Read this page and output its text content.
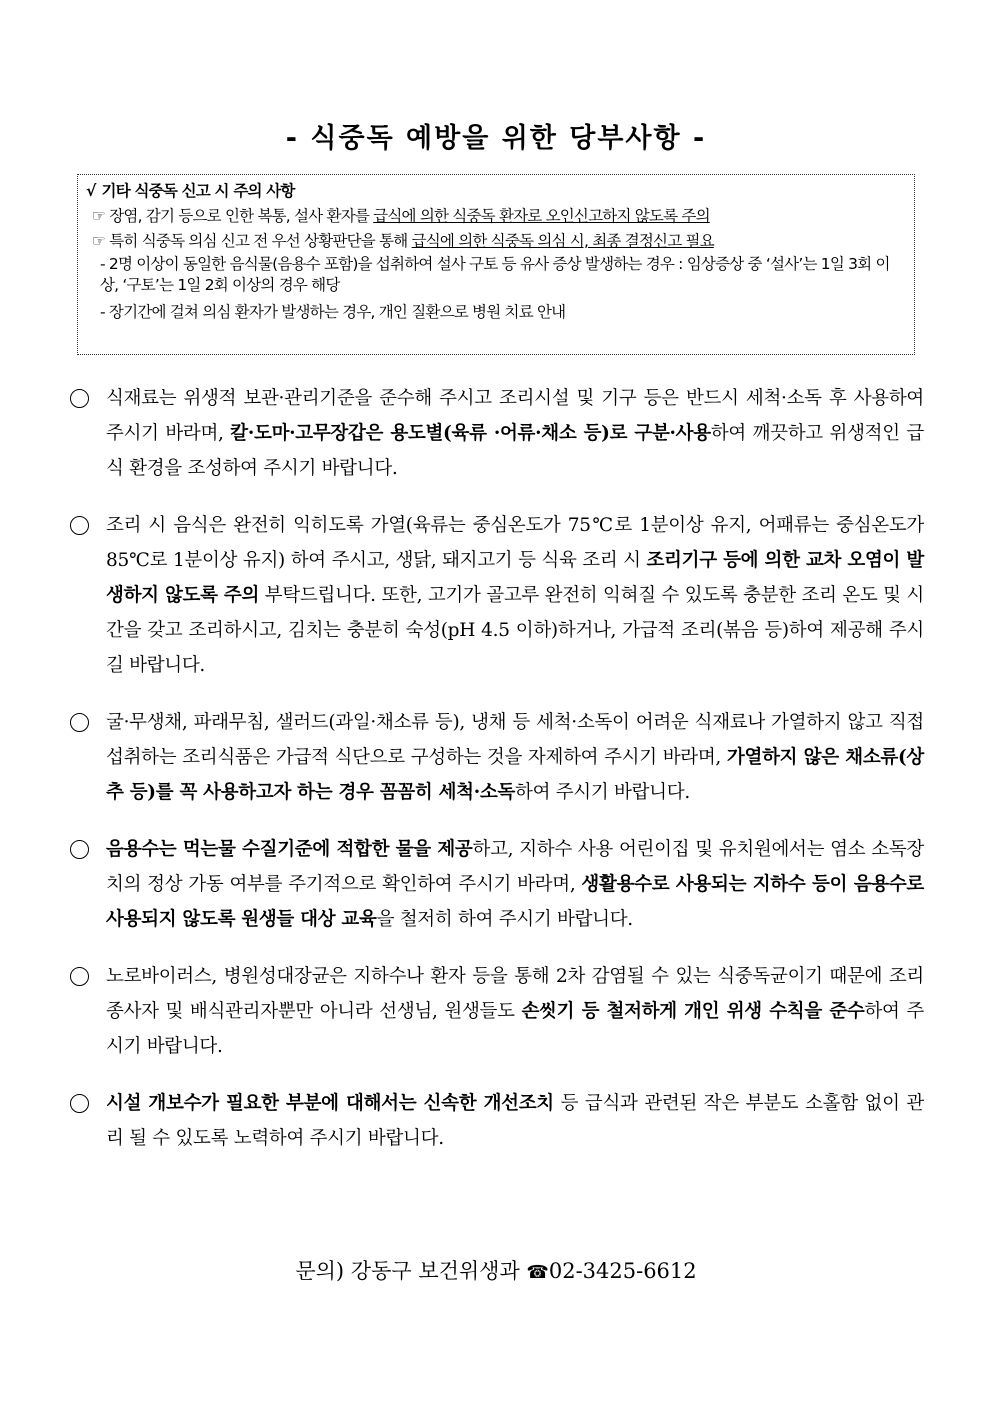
- 식중독 예방을 위한 당부사항 -
√ 기타 식중독 신고 시 주의 사항
☞ 장염, 감기 등으로 인한 복통, 설사 환자를 급식에 의한 식중독 환자로 오인신고하지 않도록 주의
☞ 특히 식중독 의심 신고 전 우선 상황판단을 통해 급식에 의한 식중독 의심 시, 최종 결정신고 필요
- 2명 이상이 동일한 음식물(음용수 포함)을 섭취하여 설사 구토 등 유사 증상 발생하는 경우 : 임상증상 중 ‘설사’는 1일 3회 이상, ‘구토’는 1일 2회 이상의 경우 해당
- 장기간에 걸쳐 의심 환자가 발생하는 경우, 개인 질환으로 병원 치료 안내
식재료는 위생적 보관·관리기준을 준수해 주시고 조리시설 및 기구 등은 반드시 세척·소독 후 사용하여 주시기 바라며, 칼·도마·고무장갑은 용도별(육류 ·어류·채소 등)로 구분·사용하여 깨끗하고 위생적인 급식 환경을 조성하여 주시기 바랍니다.
조리 시 음식은 완전히 익히도록 가열(육류는 중심온도가 75℃로 1분이상 유지, 어패류는 중심온도가 85℃로 1분이상 유지) 하여 주시고, 생닭, 돼지고기 등 식육 조리 시 조리기구 등에 의한 교차 오염이 발생하지 않도록 주의 부탁드립니다. 또한, 고기가 골고루 완전히 익혀질 수 있도록 충분한 조리 온도 및 시간을 갖고 조리하시고, 김치는 충분히 숙성(pH 4.5 이하)하거나, 가급적 조리(볶음 등)하여 제공해 주시길 바랍니다.
굴·무생채, 파래무침, 샐러드(과일·채소류 등), 냉채 등 세척·소독이 어려운 식재료나 가열하지 않고 직접 섭취하는 조리식품은 가급적 식단으로 구성하는 것을 자제하여 주시기 바라며, 가열하지 않은 채소류(상추 등)를 꼭 사용하고자 하는 경우 꼼꼼히 세척·소독하여 주시기 바랍니다.
음용수는 먹는물 수질기준에 적합한 물을 제공하고, 지하수 사용 어린이집 및 유치원에서는 염소 소독장치의 정상 가동 여부를 주기적으로 확인하여 주시기 바라며, 생활용수로 사용되는 지하수 등이 음용수로 사용되지 않도록 원생들 대상 교육을 철저히 하여 주시기 바랍니다.
노로바이러스, 병원성대장균은 지하수나 환자 등을 통해 2차 감염될 수 있는 식중독균이기 때문에 조리종사자 및 배식관리자뿐만 아니라 선생님, 원생들도 손씻기 등 철저하게 개인 위생 수칙을 준수하여 주시기 바랍니다.
시설 개보수가 필요한 부분에 대해서는 신속한 개선조치 등 급식과 관련된 작은 부분도 소홀함 없이 관리 될 수 있도록 노력하여 주시기 바랍니다.
문의) 강동구 보건위생과 ☎02-3425-6612
